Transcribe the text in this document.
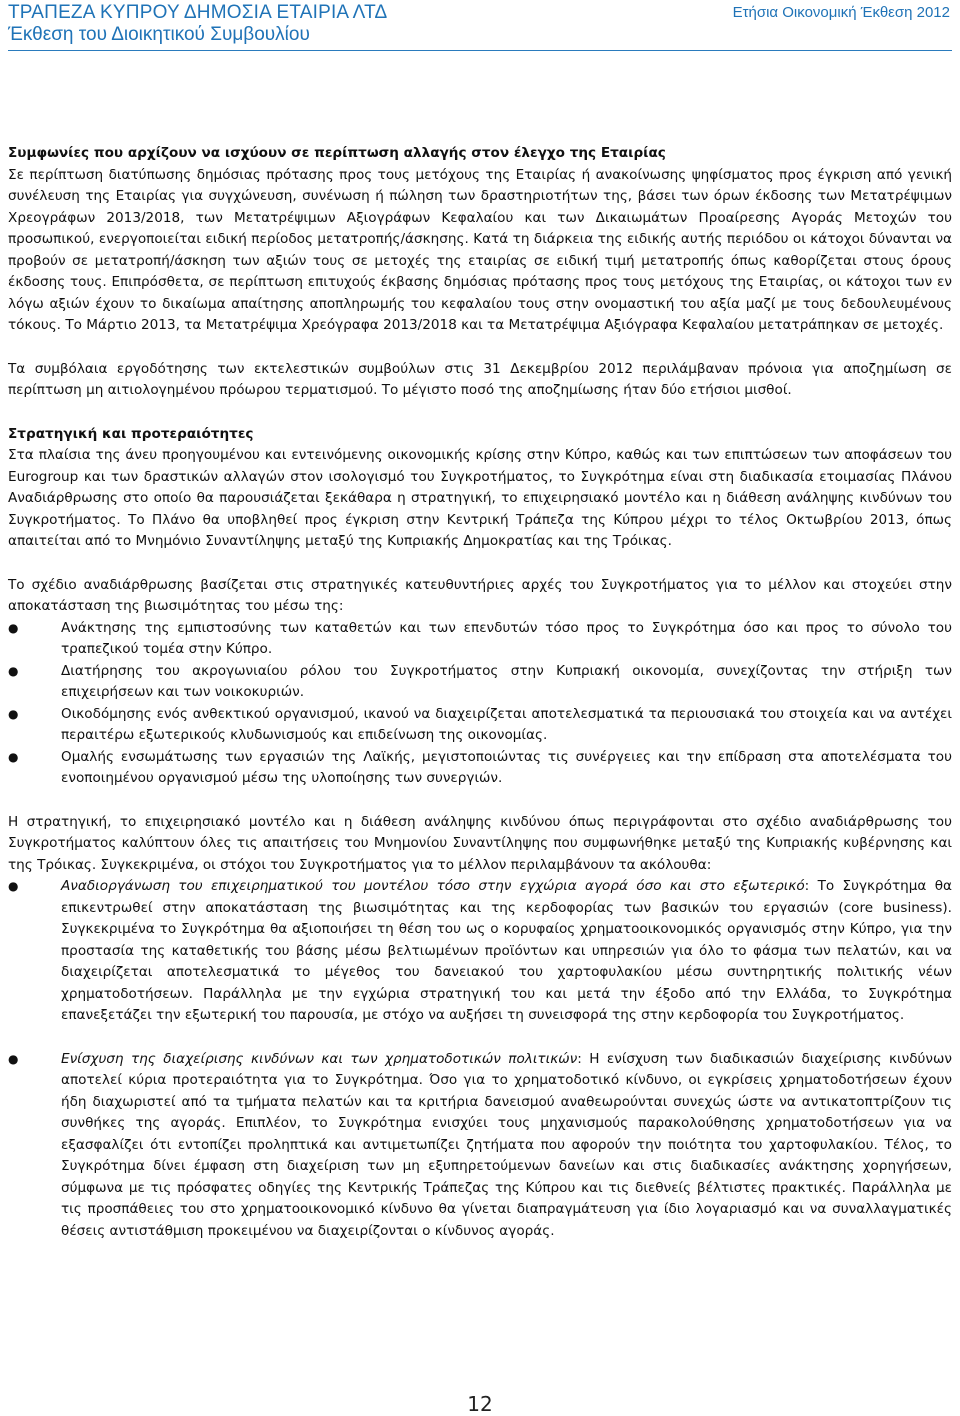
ΤΡΑΠΕΖΑ ΚΥΠΡΟΥ ΔΗΜΟΣΙΑ ΕΤΑΙΡΙΑ ΛΤΔ
Έκθεση του Διοικητικού Συμβουλίου
Ετήσια Οικονομική Έκθεση 2012

Συμφωνίες που αρχίζουν να ισχύουν σε περίπτωση αλλαγής στον έλεγχο της Εταιρίας

Σε περίπτωση διατύπωσης δημόσιας πρότασης προς τους μετόχους της Εταιρίας ή ανακοίνωσης ψηφίσματος προς έγκριση από γενική συνέλευση της Εταιρίας για συγχώνευση, συνένωση ή πώληση των δραστηριοτήτων της, βάσει των όρων έκδοσης των Μετατρέψιμων Χρεογράφων 2013/2018, των Μετατρέψιμων Αξιογράφων Κεφαλαίου και των Δικαιωμάτων Προαίρεσης Αγοράς Μετοχών του προσωπικού, ενεργοποιείται ειδική περίοδος μετατροπής/άσκησης. Κατά τη διάρκεια της ειδικής αυτής περιόδου οι κάτοχοι δύνανται να προβούν σε μετατροπή/άσκηση των αξιών τους σε μετοχές της εταιρίας σε ειδική τιμή μετατροπής όπως καθορίζεται στους όρους έκδοσης τους. Επιπρόσθετα, σε περίπτωση επιτυχούς έκβασης δημόσιας πρότασης προς τους μετόχους της Εταιρίας, οι κάτοχοι των εν λόγω αξιών έχουν το δικαίωμα απαίτησης αποπληρωμής του κεφαλαίου τους στην ονομαστική του αξία μαζί με τους δεδουλευμένους τόκους. Το Μάρτιο 2013, τα Μετατρέψιμα Χρεόγραφα 2013/2018 και τα Μετατρέψιμα Αξιόγραφα Κεφαλαίου μετατράπηκαν σε μετοχές.

Τα συμβόλαια εργοδότησης των εκτελεστικών συμβούλων στις 31 Δεκεμβρίου 2012 περιλάμβαναν πρόνοια για αποζημίωση σε περίπτωση μη αιτιολογημένου πρόωρου τερματισμού. Το μέγιστο ποσό της αποζημίωσης ήταν δύο ετήσιοι μισθοί.

Στρατηγική και προτεραιότητες

Στα πλαίσια της άνευ προηγουμένου και εντεινόμενης οικονομικής κρίσης στην Κύπρο, καθώς και των επιπτώσεων των αποφάσεων του Eurogroup και των δραστικών αλλαγών στον ισολογισμό του Συγκροτήματος, το Συγκρότημα είναι στη διαδικασία ετοιμασίας Πλάνου Αναδιάρθρωσης στο οποίο θα παρουσιάζεται ξεκάθαρα η στρατηγική, το επιχειρησιακό μοντέλο και η διάθεση ανάληψης κινδύνων του Συγκροτήματος. Το Πλάνο θα υποβληθεί προς έγκριση στην Κεντρική Τράπεζα της Κύπρου μέχρι το τέλος Οκτωβρίου 2013, όπως απαιτείται από το Μνημόνιο Συναντίληψης μεταξύ της Κυπριακής Δημοκρατίας και της Τρόικας.

Το σχέδιο αναδιάρθρωσης βασίζεται στις στρατηγικές κατευθυντήριες αρχές του Συγκροτήματος για το μέλλον και στοχεύει στην αποκατάσταση της βιωσιμότητας του μέσω της:

●	Ανάκτησης της εμπιστοσύνης των καταθετών και των επενδυτών τόσο προς το Συγκρότημα όσο και προς το σύνολο του τραπεζικού τομέα στην Κύπρο.
●	Διατήρησης του ακρογωνιαίου ρόλου του Συγκροτήματος στην Κυπριακή οικονομία, συνεχίζοντας την στήριξη των επιχειρήσεων και των νοικοκυριών.
●	Οικοδόμησης ενός ανθεκτικού οργανισμού, ικανού να διαχειρίζεται αποτελεσματικά τα περιουσιακά του στοιχεία και να αντέχει περαιτέρω εξωτερικούς κλυδωνισμούς και επιδείνωση της οικονομίας.
●	Ομαλής ενσωμάτωσης των εργασιών της Λαϊκής, μεγιστοποιώντας τις συνέργειες και την επίδραση στα αποτελέσματα του ενοποιημένου οργανισμού μέσω της υλοποίησης των συνεργιών.

Η στρατηγική, το επιχειρησιακό μοντέλο και η διάθεση ανάληψης κινδύνου όπως περιγράφονται στο σχέδιο αναδιάρθρωσης του Συγκροτήματος καλύπτουν όλες τις απαιτήσεις του Μνημονίου Συναντίληψης που συμφωνήθηκε μεταξύ της Κυπριακής κυβέρνησης και της Τρόικας. Συγκεκριμένα, οι στόχοι του Συγκροτήματος για το μέλλον περιλαμβάνουν τα ακόλουθα:

●	Αναδιοργάνωση του επιχειρηματικού του μοντέλου τόσο στην εγχώρια αγορά όσο και στο εξωτερικό: Το Συγκρότημα θα επικεντρωθεί στην αποκατάσταση της βιωσιμότητας και της κερδοφορίας των βασικών του εργασιών (core business). Συγκεκριμένα το Συγκρότημα θα αξιοποιήσει τη θέση του ως ο κορυφαίος χρηματοοικονομικός οργανισμός στην Κύπρο, για την προστασία της καταθετικής του βάσης μέσω βελτιωμένων προϊόντων και υπηρεσιών για όλο το φάσμα των πελατών, και να διαχειρίζεται αποτελεσματικά το μέγεθος του δανειακού του χαρτοφυλακίου μέσω συντηρητικής πολιτικής νέων χρηματοδοτήσεων. Παράλληλα με την εγχώρια στρατηγική του και μετά την έξοδο από την Ελλάδα, το Συγκρότημα επανεξετάζει την εξωτερική του παρουσία, με στόχο να αυξήσει τη συνεισφορά της στην κερδοφορία του Συγκροτήματος.
●	Ενίσχυση της διαχείρισης κινδύνων και των χρηματοδοτικών πολιτικών: Η ενίσχυση των διαδικασιών διαχείρισης κινδύνων αποτελεί κύρια προτεραιότητα για το Συγκρότημα. Όσο για το χρηματοδοτικό κίνδυνο, οι εγκρίσεις χρηματοδοτήσεων έχουν ήδη διαχωριστεί από τα τμήματα πελατών και τα κριτήρια δανεισμού αναθεωρούνται συνεχώς ώστε να αντικατοπτρίζουν τις συνθήκες της αγοράς. Επιπλέον, το Συγκρότημα ενισχύει τους μηχανισμούς παρακολούθησης χρηματοδοτήσεων για να εξασφαλίζει ότι εντοπίζει προληπτικά και αντιμετωπίζει ζητήματα που αφορούν την ποιότητα του χαρτοφυλακίου. Τέλος, το Συγκρότημα δίνει έμφαση στη διαχείριση των μη εξυπηρετούμενων δανείων και στις διαδικασίες ανάκτησης χορηγήσεων, σύμφωνα με τις πρόσφατες οδηγίες της Κεντρικής Τράπεζας της Κύπρου και τις διεθνείς βέλτιστες πρακτικές. Παράλληλα με τις προσπάθειες του στο χρηματοοικονομικό κίνδυνο θα γίνεται διαπραγμάτευση για ίδιο λογαριασμό και να συναλλαγματικές θέσεις αντιστάθμιση προκειμένου να διαχειρίζονται ο κίνδυνος αγοράς.
12
